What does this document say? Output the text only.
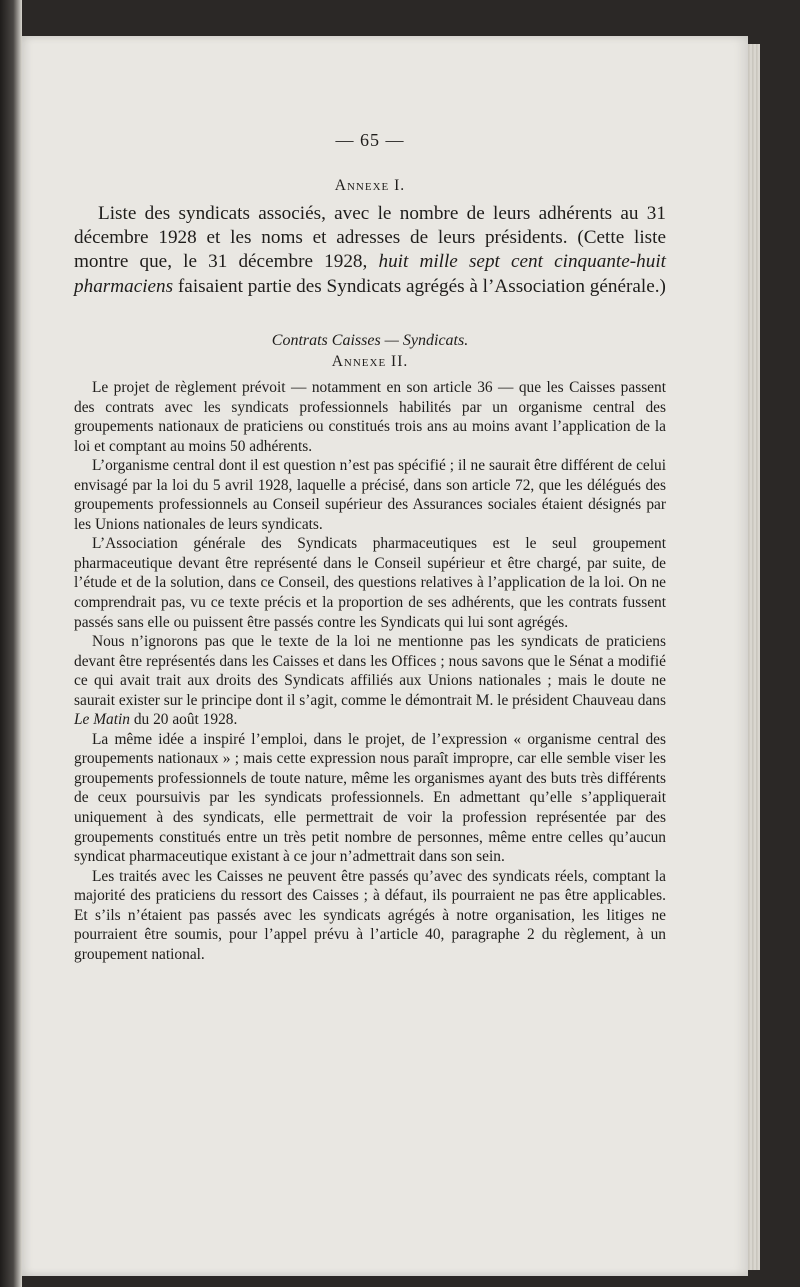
— 65 —
Annexe I.
Liste des syndicats associés, avec le nombre de leurs adhérents au 31 décembre 1928 et les noms et adresses de leurs présidents. (Cette liste montre que, le 31 décembre 1928, huit mille sept cent cinquante-huit pharmaciens faisaient partie des Syndicats agrégés à l’Association générale.)
Contrats Caisses — Syndicats.
Annexe II.

Le projet de règlement prévoit — notamment en son article 36 — que les Caisses passent des contrats avec les syndicats professionnels habilités par un organisme central des groupements nationaux de praticiens ou constitués trois ans au moins avant l’application de la loi et comptant au moins 50 adhérents.

L’organisme central dont il est question n’est pas spécifié ; il ne saurait être différent de celui envisagé par la loi du 5 avril 1928, laquelle a précisé, dans son article 72, que les délégués des groupements professionnels au Conseil supérieur des Assurances sociales étaient désignés par les Unions nationales de leurs syndicats.

L’Association générale des Syndicats pharmaceutiques est le seul groupement pharmaceutique devant être représenté dans le Conseil supérieur et être chargé, par suite, de l’étude et de la solution, dans ce Conseil, des questions relatives à l’application de la loi. On ne comprendrait pas, vu ce texte précis et la proportion de ses adhérents, que les contrats fussent passés sans elle ou puissent être passés contre les Syndicats qui lui sont agrégés.

Nous n’ignorons pas que le texte de la loi ne mentionne pas les syndicats de praticiens devant être représentés dans les Caisses et dans les Offices ; nous savons que le Sénat a modifié ce qui avait trait aux droits des Syndicats affiliés aux Unions nationales ; mais le doute ne saurait exister sur le principe dont il s’agit, comme le démontrait M. le président Chauveau dans Le Matin du 20 août 1928.

La même idée a inspiré l’emploi, dans le projet, de l’expression « organisme central des groupements nationaux » ; mais cette expression nous paraît impropre, car elle semble viser les groupements professionnels de toute nature, même les organismes ayant des buts très différents de ceux poursuivis par les syndicats professionnels. En admettant qu’elle s’appliquerait uniquement à des syndicats, elle permettrait de voir la profession représentée par des groupements constitués entre un très petit nombre de personnes, même entre celles qu’aucun syndicat pharmaceutique existant à ce jour n’admettrait dans son sein.

Les traités avec les Caisses ne peuvent être passés qu’avec des syndicats réels, comptant la majorité des praticiens du ressort des Caisses ; à défaut, ils pourraient ne pas être applicables. Et s’ils n’étaient pas passés avec les syndicats agrégés à notre organisation, les litiges ne pourraient être soumis, pour l’appel prévu à l’article 40, paragraphe 2 du règlement, à un groupement national.
